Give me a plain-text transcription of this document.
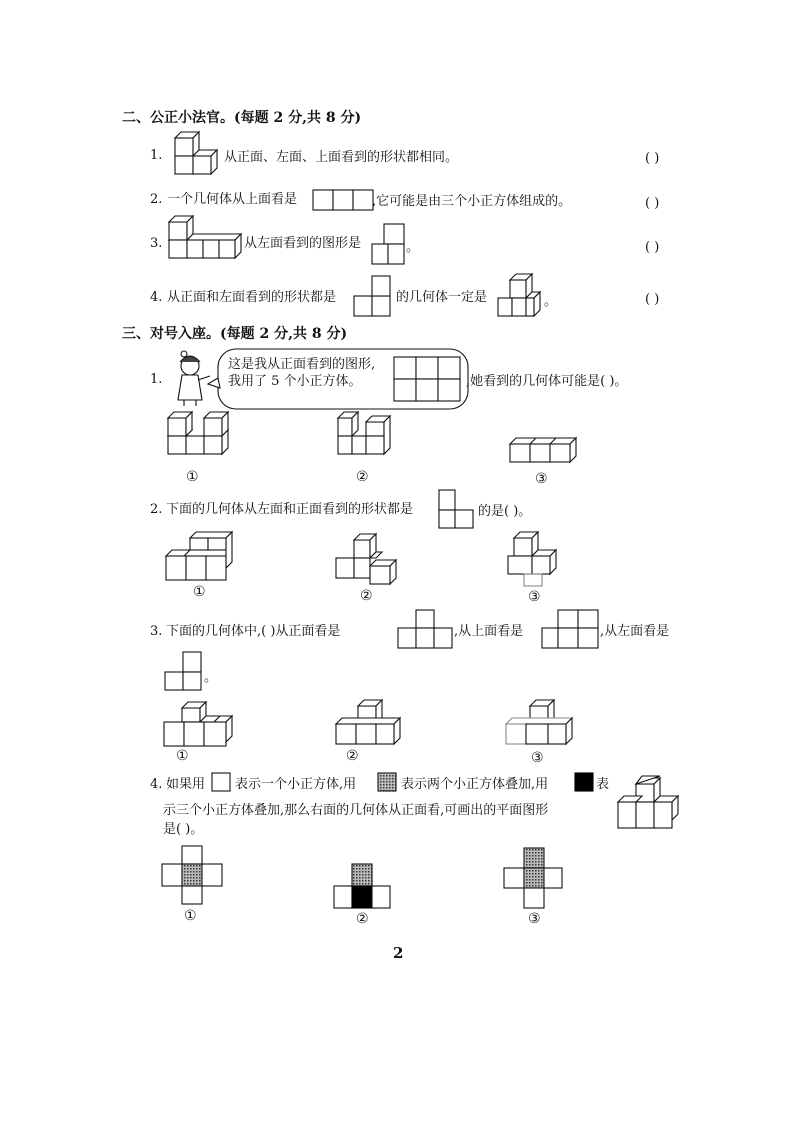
二、公正小法官。(每题 2 分,共 8 分)
1.	从正面、左面、上面看到的形状都相同。	( )
2. 一个几何体从上面看是	,它可能是由三个小正方体组成的。	( )
3.	从左面看到的图形是	。	( )
4. 从正面和左面看到的形状都是	的几何体一定是	。	( )
三、对号入座。(每题 2 分,共 8 分)
1.
这是我从正面看到的图形,
我用了 5 个小正方体。	,她看到的几何体可能是( )。
①	②	③
2. 下面的几何体从左面和正面看到的形状都是	的是( )。
①	②	③
3. 下面的几何体中,( )从正面看是	,从上面看是	,从左面看是
。
①	②	③
4. 如果用 表示一个小正方体,用	表示两个小正方体叠加,用	表
示三个小正方体叠加,那么右面的几何体从正面看,可画出的平面图形
是( )。
①	②	③
2
